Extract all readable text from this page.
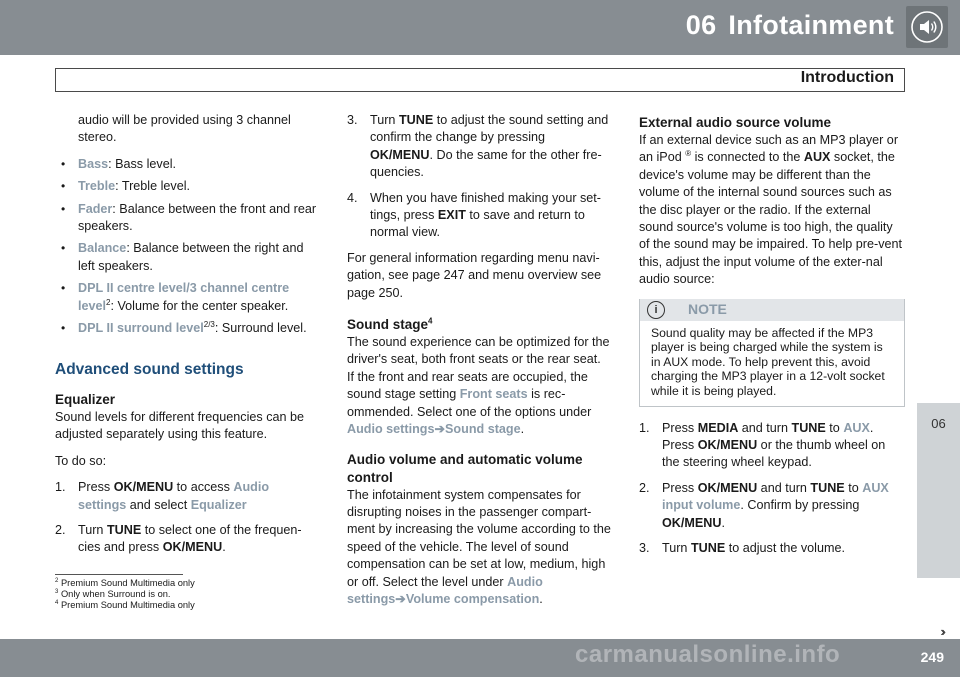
06 Infotainment
Introduction

audio will be provided using 3 channel stereo.

• Bass: Bass level.
• Treble: Treble level.
• Fader: Balance between the front and rear speakers.
• Balance: Balance between the right and left speakers.
• DPL II centre level/3 channel centre level$^2$: Volume for the center speaker.
• DPL II surround level$^{2/3}$: Surround level.
Advanced sound settings
Equalizer

Sound levels for different frequencies can be adjusted separately using this feature.

To do so:

1. Press OK/MENU to access Audio settings and select Equalizer
2. Turn TUNE to select one of the frequen-cies and press OK/MENU.
3. Turn TUNE to adjust the sound setting and confirm the change by pressing OK/MENU. Do the same for the other fre-quencies.
4. When you have finished making your set-tings, press EXIT to save and return to normal view.

For general information regarding menu navi-gation, see page 247 and menu overview see page 250.

Sound stage$^4$

The sound experience can be optimized for the driver's seat, both front seats or the rear seat. If the front and rear seats are occupied, the sound stage setting Front seats is rec-ommended. Select one of the options under
Audio settings➔Sound stage.

Audio volume and automatic volume control

The infotainment system compensates for disrupting noises in the passenger compart-ment by increasing the volume according to the speed of the vehicle. The level of sound compensation can be set at low, medium, high or off. Select the level under Audio settings➔Volume compensation.

External audio source volume

If an external device such as an MP3 player or an iPod ® is connected to the AUX socket, the device's volume may be different than the volume of the internal sound sources such as the disc player or the radio. If the external sound source's volume is too high, the quality of the sound may be impaired. To help pre-vent this, adjust the input volume of the exter-nal audio source:

i	NOTE
Sound quality may be affected if the MP3 player is being charged while the system is in AUX mode. To help prevent this, avoid charging the MP3 player in a 12-volt socket while it is being played.
1. Press MEDIA and turn TUNE to AUX. Press OK/MENU or the thumb wheel on the steering wheel keypad.
2. Press OK/MENU and turn TUNE to AUX input volume. Confirm by pressing OK/MENU.
3. Turn TUNE to adjust the volume.
$^2$ Premium Sound Multimedia only
$^3$ Only when Surround is on.
$^4$ Premium Sound Multimedia only
06
››
carmanualsonline.info	249
